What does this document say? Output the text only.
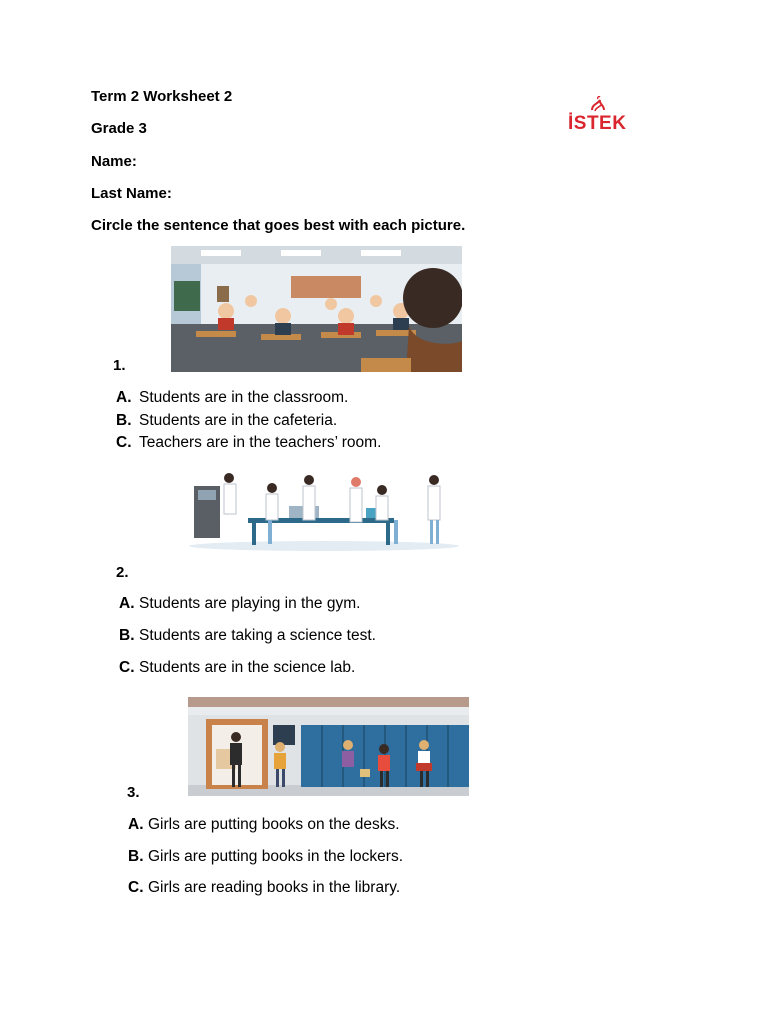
Term 2 Worksheet 2
Grade 3
Name:
Last Name:
Circle the sentence that goes best with each picture.
İSTEK
1.
A. Students are in the classroom.
B. Students are in the cafeteria.
C. Teachers are in the teachers’ room.
2.
A. Students are playing in the gym.
B. Students are taking a science test.
C. Students are in the science lab.
3.
A. Girls are putting books on the desks.
B. Girls are putting books in the lockers.
C. Girls are reading books in the library.
